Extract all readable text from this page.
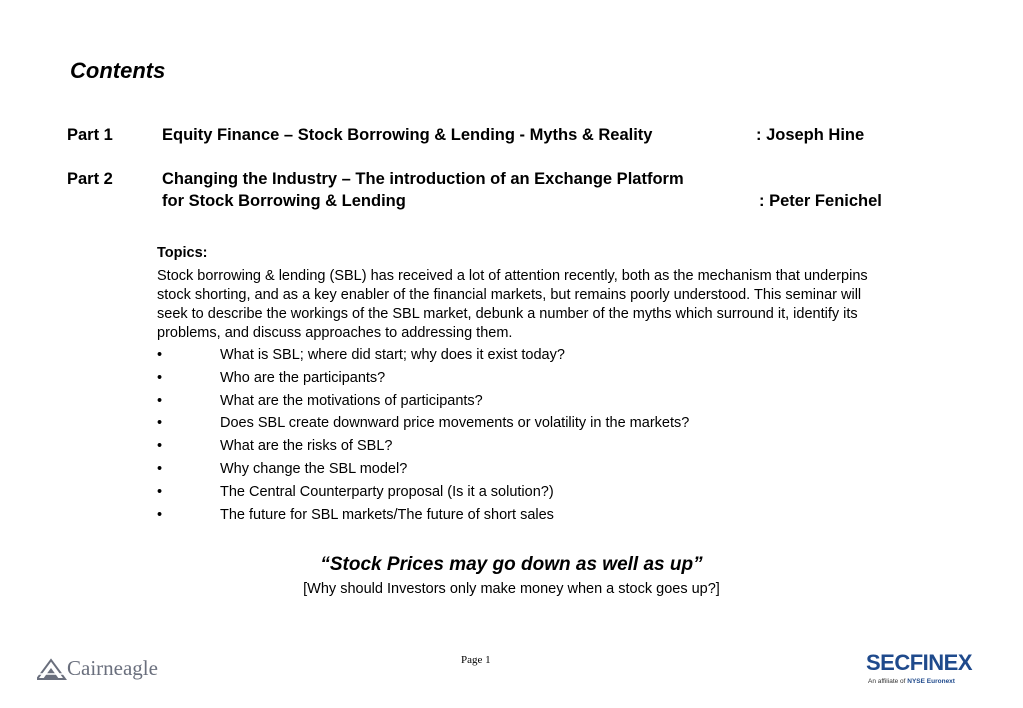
Contents
Part 1	Equity Finance – Stock Borrowing & Lending - Myths & Reality	: Joseph Hine
Part 2	Changing the Industry – The introduction of an Exchange Platform
for Stock Borrowing & Lending	: Peter Fenichel
Topics:
Stock borrowing & lending (SBL) has received a lot of attention recently, both as the mechanism that underpins stock shorting, and as a key enabler of the financial markets, but remains poorly understood. This seminar will seek to describe the workings of the SBL market, debunk a number of the myths which surround it, identify its problems, and discuss approaches to addressing them.
•	What is SBL; where did start; why does it exist today?
•	Who are the participants?
•	What are the motivations of participants?
•	Does SBL create downward price movements or volatility in the markets?
•	What are the risks of SBL?
•	Why change the SBL model?
•	The Central Counterparty proposal (Is it a solution?)
•	The future for SBL markets/The future of short sales
“Stock Prices may go down as well as up”
[Why should Investors only make money when a stock goes up?]
Page 1
Cairneagle	SECFINEX
An affiliate of NYSE Euronext
